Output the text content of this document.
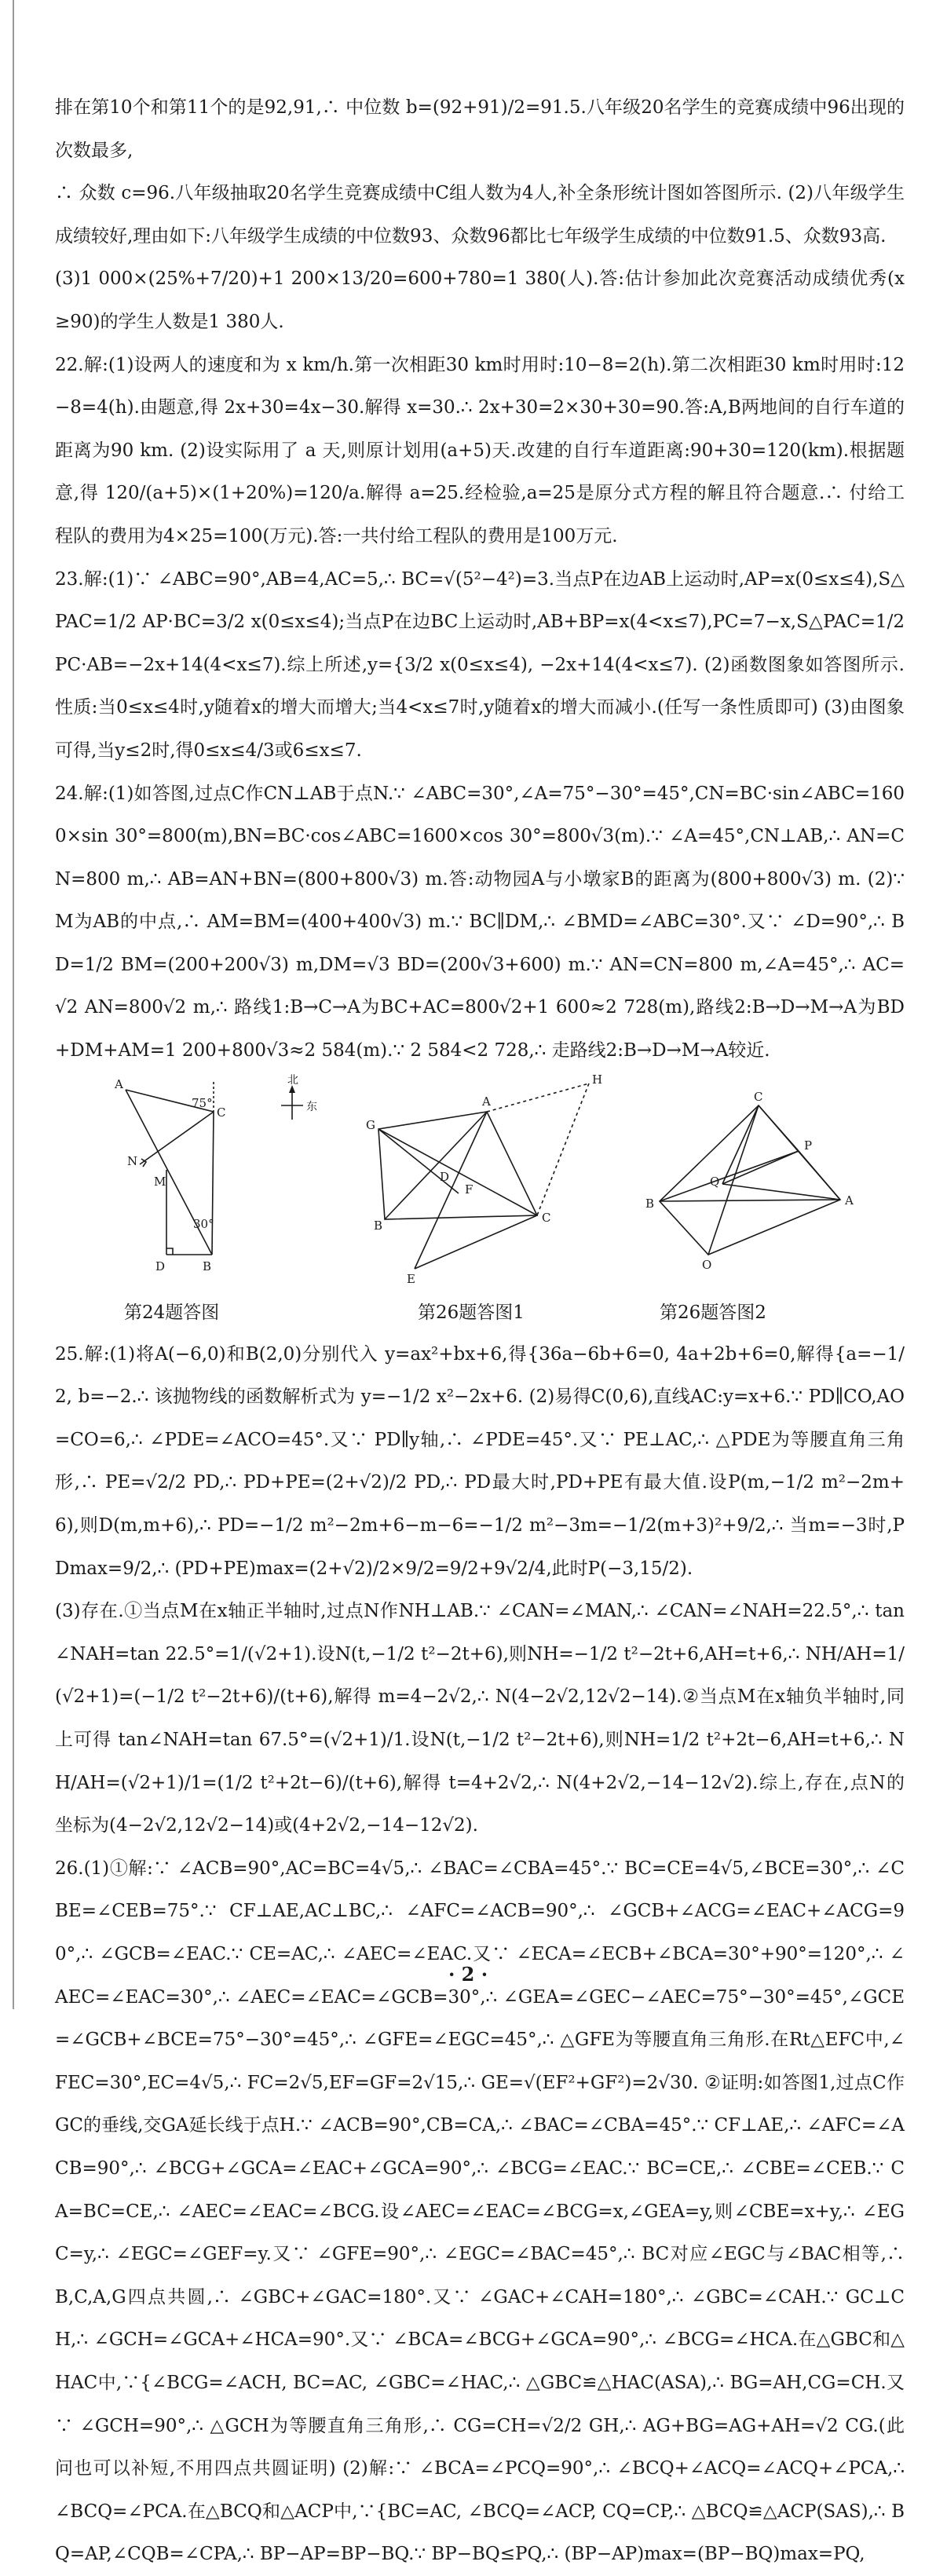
排在第10个和第11个的是92,91,∴ 中位数 b=(92+91)/2=91.5.八年级20名学生的竞赛成绩中96出现的次数最多,

∴ 众数 c=96.八年级抽取20名学生竞赛成绩中C组人数为4人,补全条形统计图如答图所示. (2)八年级学生成绩较好,理由如下:八年级学生成绩的中位数93、众数96都比七年级学生成绩的中位数91.5、众数93高.

(3)1 000×(25%+7/20)+1 200×13/20=600+780=1 380(人).答:估计参加此次竞赛活动成绩优秀(x≥90)的学生人数是1 380人.

22.解:(1)设两人的速度和为 x km/h.第一次相距30 km时用时:10−8=2(h).第二次相距30 km时用时:12−8=4(h).由题意,得 2x+30=4x−30.解得 x=30.∴ 2x+30=2×30+30=90.答:A,B两地间的自行车道的距离为90 km. (2)设实际用了 a 天,则原计划用(a+5)天.改建的自行车道距离:90+30=120(km).根据题意,得 120/(a+5)×(1+20%)=120/a.解得 a=25.经检验,a=25是原分式方程的解且符合题意.∴ 付给工程队的费用为4×25=100(万元).答:一共付给工程队的费用是100万元.

23.解:(1)∵ ∠ABC=90°,AB=4,AC=5,∴ BC=√(5²−4²)=3.当点P在边AB上运动时,AP=x(0≤x≤4),S△PAC=1/2 AP·BC=3/2 x(0≤x≤4);当点P在边BC上运动时,AB+BP=x(4<x≤7),PC=7−x,S△PAC=1/2 PC·AB=−2x+14(4<x≤7).综上所述,y={3/2 x(0≤x≤4), −2x+14(4<x≤7). (2)函数图象如答图所示.性质:当0≤x≤4时,y随着x的增大而增大;当4<x≤7时,y随着x的增大而减小.(任写一条性质即可) (3)由图象可得,当y≤2时,得0≤x≤4/3或6≤x≤7.

24.解:(1)如答图,过点C作CN⊥AB于点N.∵ ∠ABC=30°,∠A=75°−30°=45°,CN=BC·sin∠ABC=1600×sin 30°=800(m),BN=BC·cos∠ABC=1600×cos 30°=800√3(m).∵ ∠A=45°,CN⊥AB,∴ AN=CN=800 m,∴ AB=AN+BN=(800+800√3) m.答:动物园A与小墩家B的距离为(800+800√3) m. (2)∵ M为AB的中点,∴ AM=BM=(400+400√3) m.∵ BC∥DM,∴ ∠BMD=∠ABC=30°.又∵ ∠D=90°,∴ BD=1/2 BM=(200+200√3) m,DM=√3 BD=(200√3+600) m.∵ AN=CN=800 m,∠A=45°,∴ AC=√2 AN=800√2 m,∴ 路线1:B→C→A为BC+AC=800√2+1 600≈2 728(m),路线2:B→D→M→A为BD+DM+AM=1 200+800√3≈2 584(m).∵ 2 584<2 728,∴ 走路线2:B→D→M→A较近.

A
B
C
D
N
M
75°
30°
北
东
G
A
B
C
D
F
E
H
C
A
B
O
P
Q
第24题答图	第26题答图1	第26题答图2

25.解:(1)将A(−6,0)和B(2,0)分别代入 y=ax²+bx+6,得{36a−6b+6=0, 4a+2b+6=0,解得{a=−1/2, b=−2.∴ 该抛物线的函数解析式为 y=−1/2 x²−2x+6. (2)易得C(0,6),直线AC:y=x+6.∵ PD∥CO,AO=CO=6,∴ ∠PDE=∠ACO=45°.又∵ PD∥y轴,∴ ∠PDE=45°.又∵ PE⊥AC,∴ △PDE为等腰直角三角形,∴ PE=√2/2 PD,∴ PD+PE=(2+√2)/2 PD,∴ PD最大时,PD+PE有最大值.设P(m,−1/2 m²−2m+6),则D(m,m+6),∴ PD=−1/2 m²−2m+6−m−6=−1/2 m²−3m=−1/2(m+3)²+9/2,∴ 当m=−3时,PDmax=9/2,∴ (PD+PE)max=(2+√2)/2×9/2=9/2+9√2/4,此时P(−3,15/2).

(3)存在.①当点M在x轴正半轴时,过点N作NH⊥AB.∵ ∠CAN=∠MAN,∴ ∠CAN=∠NAH=22.5°,∴ tan∠NAH=tan 22.5°=1/(√2+1).设N(t,−1/2 t²−2t+6),则NH=−1/2 t²−2t+6,AH=t+6,∴ NH/AH=1/(√2+1)=(−1/2 t²−2t+6)/(t+6),解得 m=4−2√2,∴ N(4−2√2,12√2−14).②当点M在x轴负半轴时,同上可得 tan∠NAH=tan 67.5°=(√2+1)/1.设N(t,−1/2 t²−2t+6),则NH=1/2 t²+2t−6,AH=t+6,∴ NH/AH=(√2+1)/1=(1/2 t²+2t−6)/(t+6),解得 t=4+2√2,∴ N(4+2√2,−14−12√2).综上,存在,点N的坐标为(4−2√2,12√2−14)或(4+2√2,−14−12√2).

26.(1)①解:∵ ∠ACB=90°,AC=BC=4√5,∴ ∠BAC=∠CBA=45°.∵ BC=CE=4√5,∠BCE=30°,∴ ∠CBE=∠CEB=75°.∵ CF⊥AE,AC⊥BC,∴ ∠AFC=∠ACB=90°,∴ ∠GCB+∠ACG=∠EAC+∠ACG=90°,∴ ∠GCB=∠EAC.∵ CE=AC,∴ ∠AEC=∠EAC.又∵ ∠ECA=∠ECB+∠BCA=30°+90°=120°,∴ ∠AEC=∠EAC=30°,∴ ∠AEC=∠EAC=∠GCB=30°,∴ ∠GEA=∠GEC−∠AEC=75°−30°=45°,∠GCE=∠GCB+∠BCE=75°−30°=45°,∴ ∠GFE=∠EGC=45°,∴ △GFE为等腰直角三角形.在Rt△EFC中,∠FEC=30°,EC=4√5,∴ FC=2√5,EF=GF=2√15,∴ GE=√(EF²+GF²)=2√30. ②证明:如答图1,过点C作GC的垂线,交GA延长线于点H.∵ ∠ACB=90°,CB=CA,∴ ∠BAC=∠CBA=45°.∵ CF⊥AE,∴ ∠AFC=∠ACB=90°,∴ ∠BCG+∠GCA=∠EAC+∠GCA=90°,∴ ∠BCG=∠EAC.∵ BC=CE,∴ ∠CBE=∠CEB.∵ CA=BC=CE,∴ ∠AEC=∠EAC=∠BCG.设∠AEC=∠EAC=∠BCG=x,∠GEA=y,则∠CBE=x+y,∴ ∠EGC=y,∴ ∠EGC=∠GEF=y.又∵ ∠GFE=90°,∴ ∠EGC=∠BAC=45°,∴ BC对应∠EGC与∠BAC相等,∴ B,C,A,G四点共圆,∴ ∠GBC+∠GAC=180°.又∵ ∠GAC+∠CAH=180°,∴ ∠GBC=∠CAH.∵ GC⊥CH,∴ ∠GCH=∠GCA+∠HCA=90°.又∵ ∠BCA=∠BCG+∠GCA=90°,∴ ∠BCG=∠HCA.在△GBC和△HAC中,∵{∠BCG=∠ACH, BC=AC, ∠GBC=∠HAC,∴ △GBC≌△HAC(ASA),∴ BG=AH,CG=CH.又∵ ∠GCH=90°,∴ △GCH为等腰直角三角形,∴ CG=CH=√2/2 GH,∴ AG+BG=AG+AH=√2 CG.(此问也可以补短,不用四点共圆证明) (2)解:∵ ∠BCA=∠PCQ=90°,∴ ∠BCQ+∠ACQ=∠ACQ+∠PCA,∴ ∠BCQ=∠PCA.在△BCQ和△ACP中,∵{BC=AC, ∠BCQ=∠ACP, CQ=CP,∴ △BCQ≌△ACP(SAS),∴ BQ=AP,∠CQB=∠CPA,∴ BP−AP=BP−BQ.∵ BP−BQ≤PQ,∴ (BP−AP)max=(BP−BQ)max=PQ,

· 2 ·
